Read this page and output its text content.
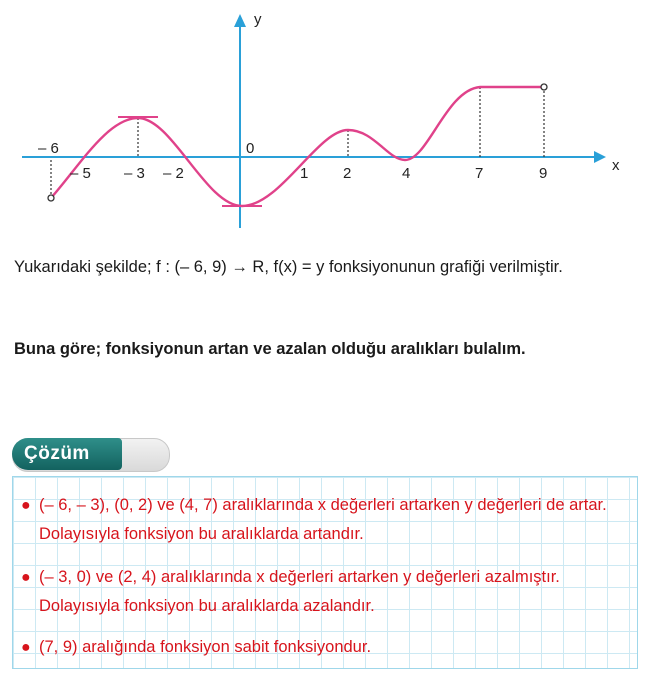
y
x
0
– 6
– 5 – 3 – 2	1 2	4	7	9

Yukarıdaki şekilde; f : (– 6, 9) → R, f(x) = y fonksiyonunun grafiği verilmiştir.

Buna göre; fonksiyonun artan ve azalan olduğu aralıkları bulalım.

Çözüm
● (– 6, – 3), (0, 2) ve (4, 7) aralıklarında x değerleri artarken y değerleri de artar. Dolayısıyla fonksiyon bu aralıklarda artandır.
● (– 3, 0) ve (2, 4) aralıklarında x değerleri artarken y değerleri azalmıştır. Dolayısıyla fonksiyon bu aralıklarda azalandır.
● (7, 9) aralığında fonksiyon sabit fonksiyondur.
